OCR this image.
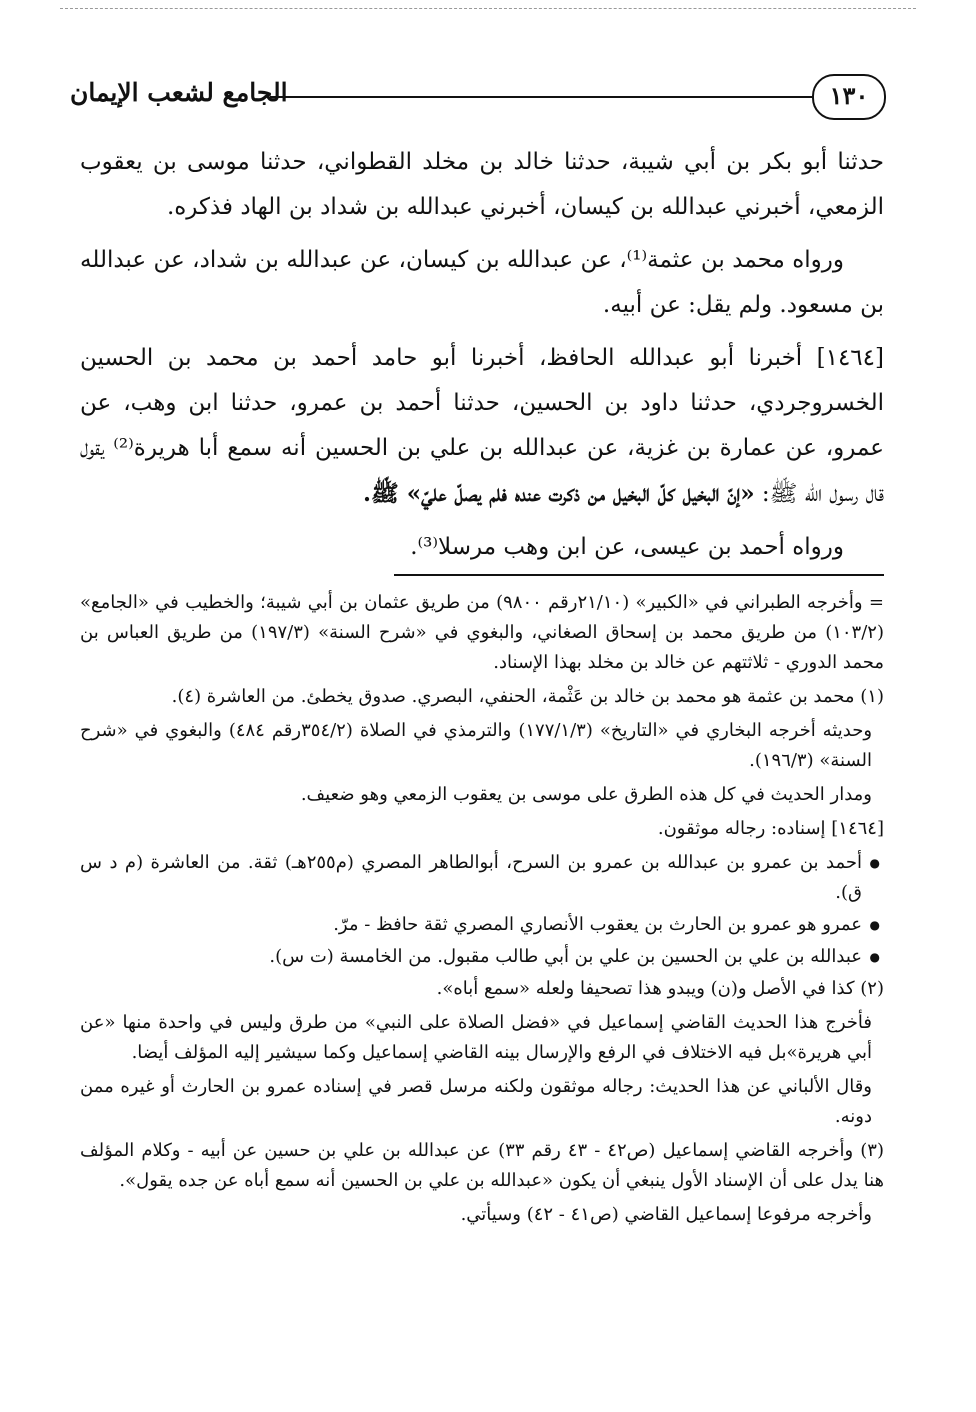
١٣٠
الجامع لشعب الإيمان

حدثنا أبو بكر بن أبي شيبة، حدثنا خالد بن مخلد القطواني، حدثنا موسى بن يعقوب الزمعي، أخبرني عبدالله بن كيسان، أخبرني عبدالله بن شداد بن الهاد فذكره.

ورواه محمد بن عثمة⁽¹⁾، عن عبدالله بن كيسان، عن عبدالله بن شداد، عن عبدالله بن مسعود. ولم يقل: عن أبيه.

[١٤٦٤] أخبرنا أبو عبدالله الحافظ، أخبرنا أبو حامد أحمد بن محمد بن الحسين الخسروجردي، حدثنا داود بن الحسين، حدثنا أحمد بن عمرو، حدثنا ابن وهب، عن عمرو، عن عمارة بن غزية، عن عبدالله بن علي بن الحسين أنه سمع أبا هريرة⁽²⁾ يقول قال رسول الله ﷺ: «إنّ البخيل كلّ البخيل من ذكرت عنده فلم يصلّ عليّ» ﷺ.

ورواه أحمد بن عيسى، عن ابن وهب مرسلا⁽³⁾.

= وأخرجه الطبراني في «الكبير» (٢١/١٠رقم ٩٨٠٠) من طريق عثمان بن أبي شيبة؛ والخطيب في «الجامع» (١٠٣/٢) من طريق محمد بن إسحاق الصغاني، والبغوي في «شرح السنة» (١٩٧/٣) من طريق العباس بن محمد الدوري - ثلاثتهم عن خالد بن مخلد بهذا الإسناد.

(١) محمد بن عثمة هو محمد بن خالد بن عَثْمة، الحنفي، البصري. صدوق يخطئ. من العاشرة (٤).

وحديثه أخرجه البخاري في «التاريخ» (١٧٧/١/٣) والترمذي في الصلاة (٣٥٤/٢رقم ٤٨٤) والبغوي في «شرح السنة» (١٩٦/٣).

ومدار الحديث في كل هذه الطرق على موسى بن يعقوب الزمعي وهو ضعيف.

[١٤٦٤] إسناده: رجاله موثقون.

● أحمد بن عمرو بن عبدالله بن عمرو بن السرح، أبوالطاهر المصري (م٢٥٥هـ) ثقة. من العاشرة (م د س ق).
● عمرو هو عمرو بن الحارث بن يعقوب الأنصاري المصري ثقة حافظ - مرّ.
● عبدالله بن علي بن الحسين بن علي بن أبي طالب مقبول. من الخامسة (ت س).

(٢) كذا في الأصل و(ن) ويبدو هذا تصحيفا ولعله «سمع أباه».

فأخرج هذا الحديث القاضي إسماعيل في «فضل الصلاة على النبي» من طرق وليس في واحدة منها «عن أبي هريرة»بل فيه الاختلاف في الرفع والإرسال بينه القاضي إسماعيل وكما سيشير إليه المؤلف أيضا.

وقال الألباني عن هذا الحديث: رجاله موثقون ولكنه مرسل قصر في إسناده عمرو بن الحارث أو غيره ممن دونه.

(٣) وأخرجه القاضي إسماعيل (ص٤٢ - ٤٣ رقم ٣٣) عن عبدالله بن علي بن حسين عن أبيه - وكلام المؤلف هنا يدل على أن الإسناد الأول ينبغي أن يكون «عبدالله بن علي بن الحسين أنه سمع أباه عن جده يقول».

وأخرجه مرفوعا إسماعيل القاضي (ص٤١ - ٤٢) وسيأتي.
